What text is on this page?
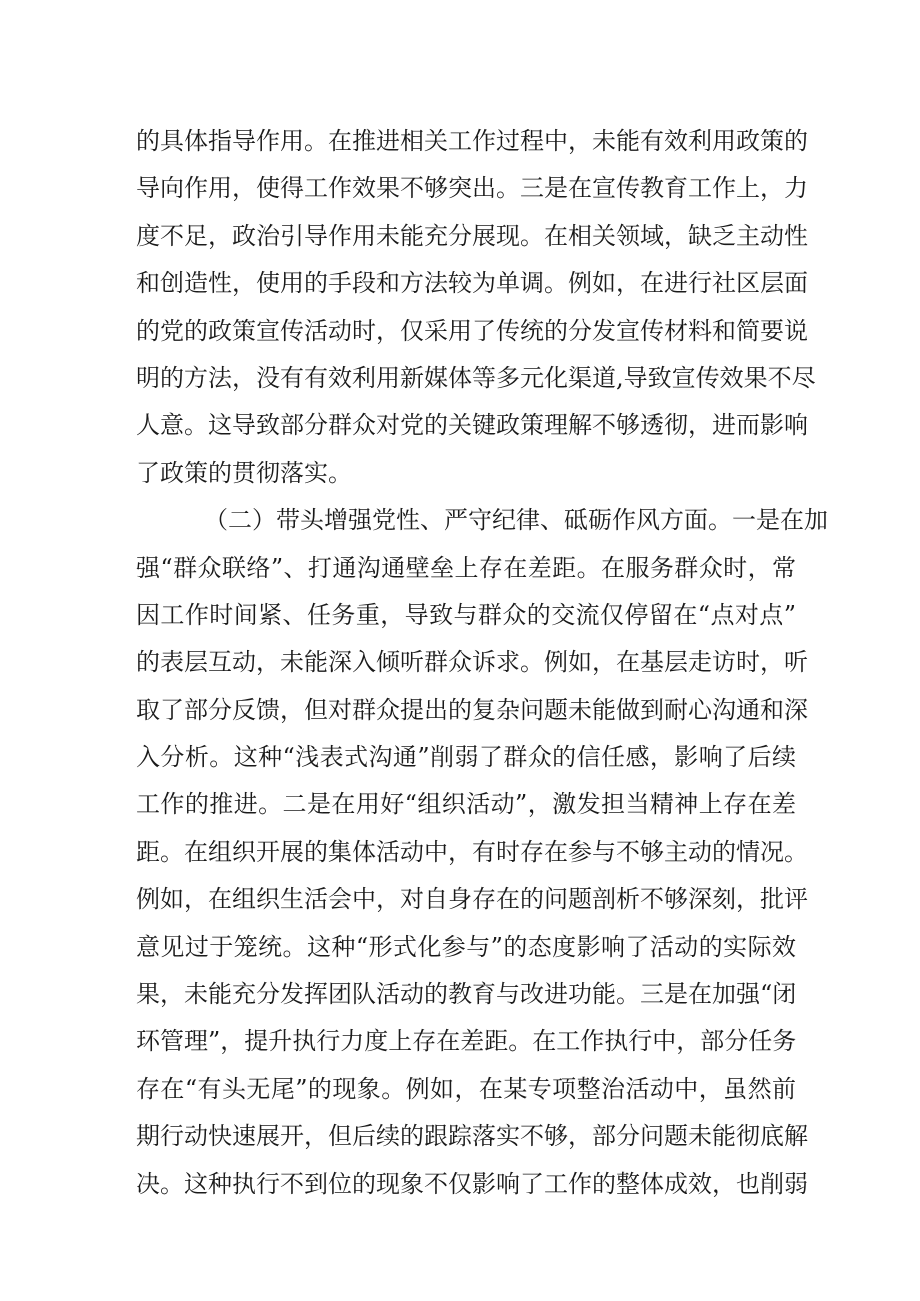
的具体指导作用。在推进相关工作过程中，未能有效利用政策的
导向作用，使得工作效果不够突出。三是在宣传教育工作上，力
度不足，政治引导作用未能充分展现。在相关领域，缺乏主动性
和创造性，使用的手段和方法较为单调。例如，在进行社区层面
的党的政策宣传活动时，仅采用了传统的分发宣传材料和简要说
明的方法，没有有效利用新媒体等多元化渠道,导致宣传效果不尽
人意。这导致部分群众对党的关键政策理解不够透彻，进而影响
了政策的贯彻落实。
（二）带头增强党性、严守纪律、砥砺作风方面。一是在加
强“群众联络”、打通沟通壁垒上存在差距。在服务群众时，常
因工作时间紧、任务重，导致与群众的交流仅停留在“点对点”
的表层互动，未能深入倾听群众诉求。例如，在基层走访时，听
取了部分反馈，但对群众提出的复杂问题未能做到耐心沟通和深
入分析。这种“浅表式沟通”削弱了群众的信任感，影响了后续
工作的推进。二是在用好“组织活动”，激发担当精神上存在差
距。在组织开展的集体活动中，有时存在参与不够主动的情况。
例如，在组织生活会中，对自身存在的问题剖析不够深刻，批评
意见过于笼统。这种“形式化参与”的态度影响了活动的实际效
果，未能充分发挥团队活动的教育与改进功能。三是在加强“闭
环管理”，提升执行力度上存在差距。在工作执行中，部分任务
存在“有头无尾”的现象。例如，在某专项整治活动中，虽然前
期行动快速展开，但后续的跟踪落实不够，部分问题未能彻底解
决。这种执行不到位的现象不仅影响了工作的整体成效，也削弱
